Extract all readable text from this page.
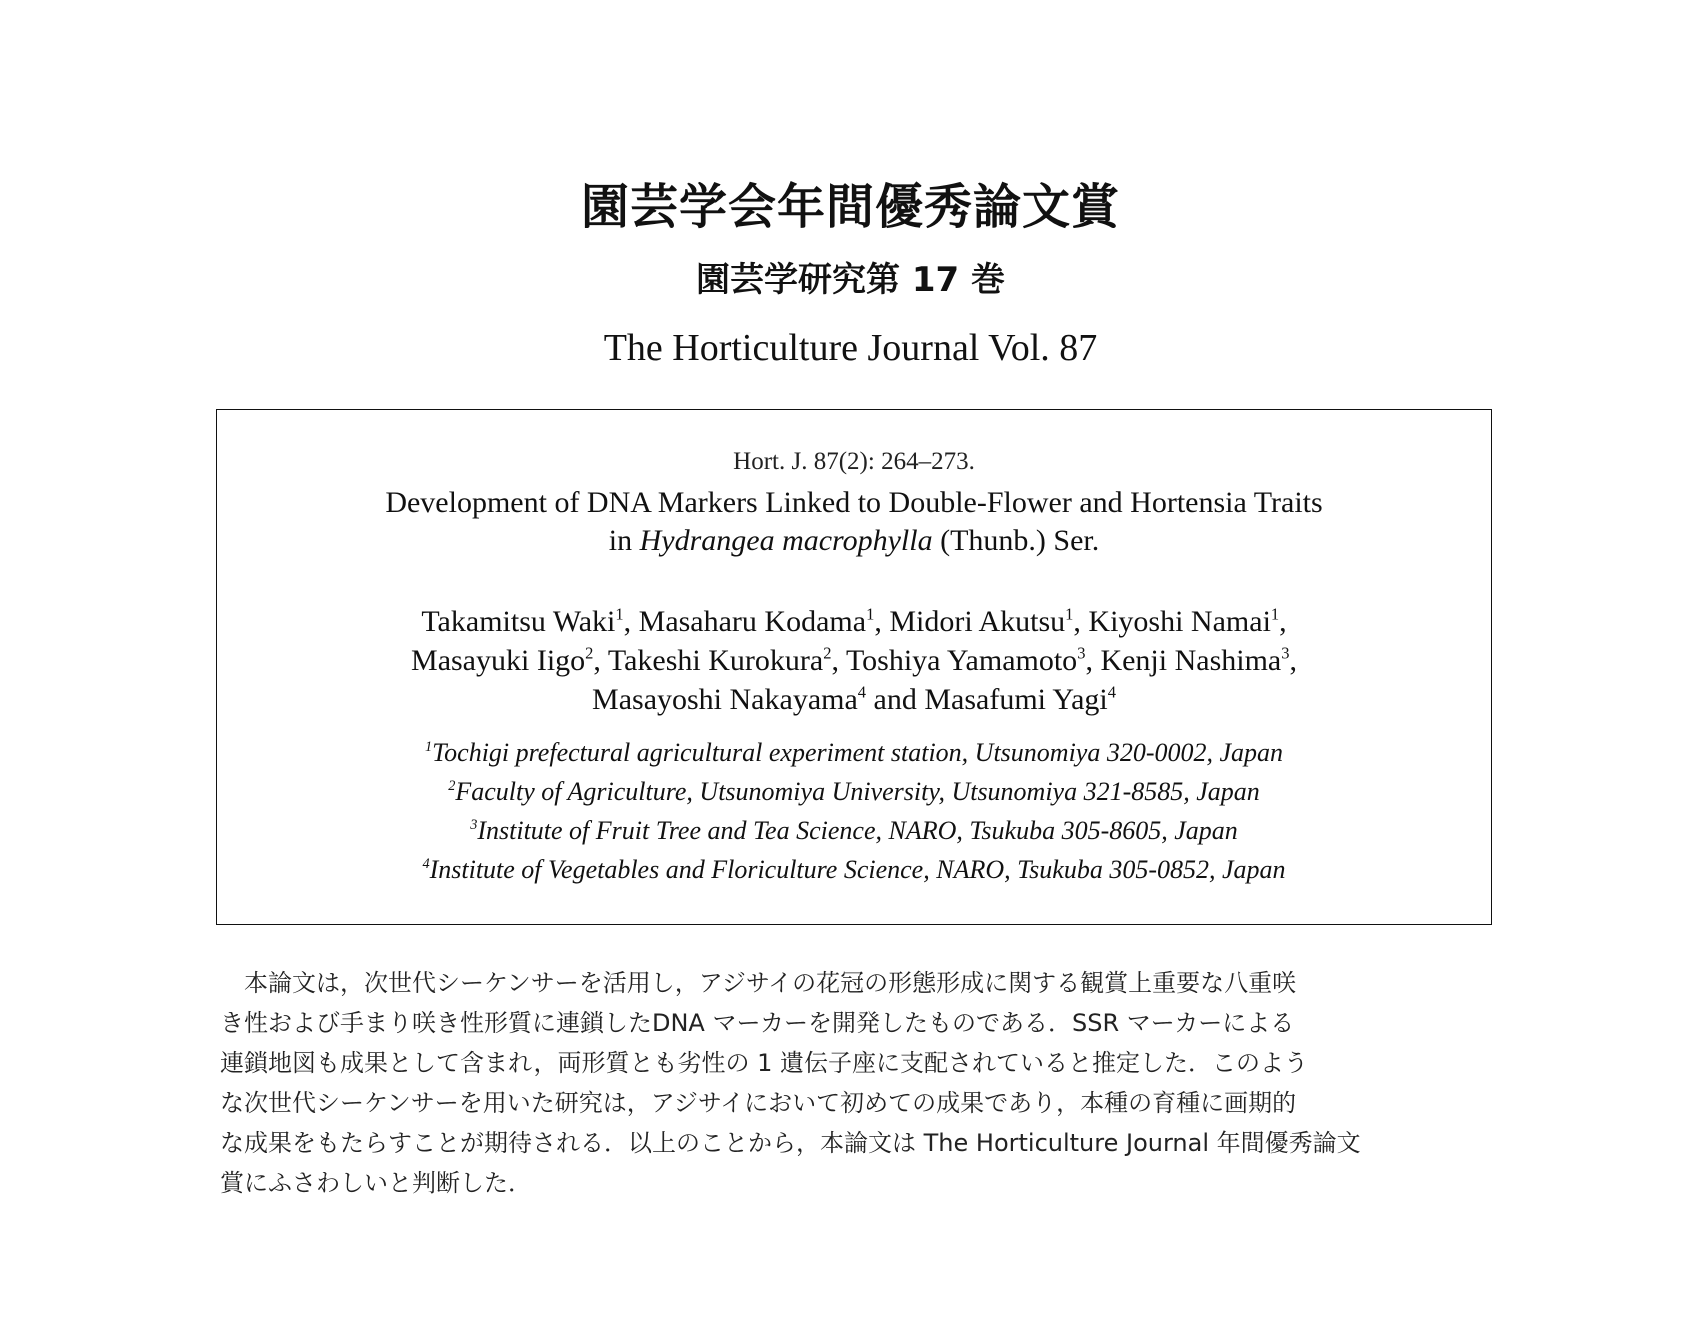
園芸学会年間優秀論文賞
園芸学研究第 17 巻
The Horticulture Journal Vol. 87
Hort. J. 87(2): 264–273.
Development of DNA Markers Linked to Double-Flower and Hortensia Traits
in Hydrangea macrophylla (Thunb.) Ser.
Takamitsu Waki$^1$, Masaharu Kodama$^1$, Midori Akutsu$^1$, Kiyoshi Namai$^1$,
Masayuki Iigo$^2$, Takeshi Kurokura$^2$, Toshiya Yamamoto$^3$, Kenji Nashima$^3$,
Masayoshi Nakayama$^4$ and Masafumi Yagi$^4$
$^1$Tochigi prefectural agricultural experiment station, Utsunomiya 320-0002, Japan
$^2$Faculty of Agriculture, Utsunomiya University, Utsunomiya 321-8585, Japan
$^3$Institute of Fruit Tree and Tea Science, NARO, Tsukuba 305-8605, Japan
$^4$Institute of Vegetables and Floriculture Science, NARO, Tsukuba 305-0852, Japan
　本論文は，次世代シーケンサーを活用し，アジサイの花冠の形態形成に関する観賞上重要な八重咲
き性および手まり咲き性形質に連鎖したDNA マーカーを開発したものである．SSR マーカーによる
連鎖地図も成果として含まれ，両形質とも劣性の 1 遺伝子座に支配されていると推定した．このよう
な次世代シーケンサーを用いた研究は，アジサイにおいて初めての成果であり，本種の育種に画期的
な成果をもたらすことが期待される．以上のことから，本論文は The Horticulture Journal 年間優秀論文
賞にふさわしいと判断した．
